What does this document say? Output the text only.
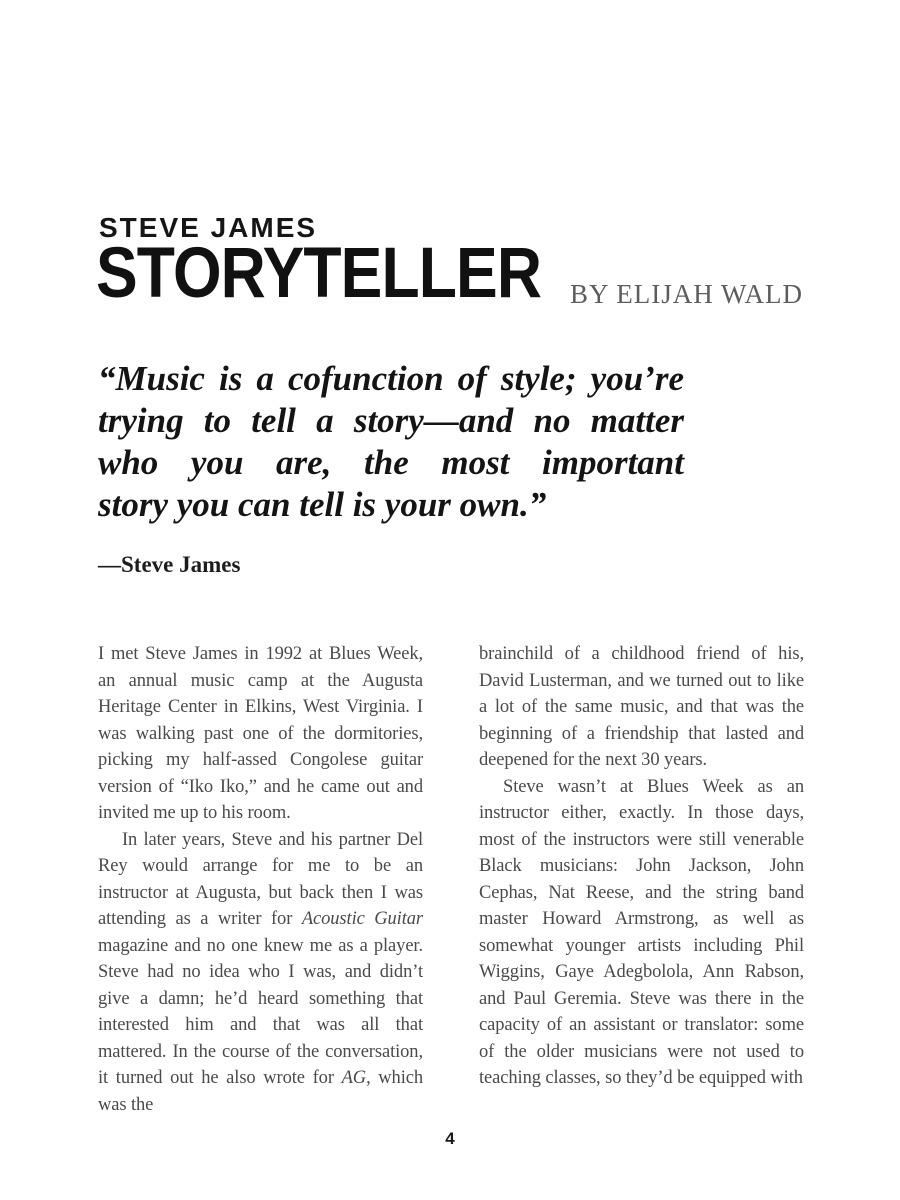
STEVE JAMES
STORYTELLER BY ELIJAH WALD
“Music is a cofunction of style; you’re
trying to tell a story—and no matter
who you are, the most important
story you can tell is your own.”
—Steve James

I met Steve James in 1992 at Blues Week, an annual music camp at the Augusta Heritage Center in Elkins, West Virginia. I was walking past one of the dormitories, picking my half-assed Congolese guitar version of “Iko Iko,” and he came out and invited me up to his room.

In later years, Steve and his partner Del Rey would arrange for me to be an instructor at Augusta, but back then I was attending as a writer for Acoustic Guitar magazine and no one knew me as a player. Steve had no idea who I was, and didn’t give a damn; he’d heard something that interested him and that was all that mattered. In the course of the conversation, it turned out he also wrote for AG, which was the

brainchild of a childhood friend of his, David Lusterman, and we turned out to like a lot of the same music, and that was the beginning of a friendship that lasted and deepened for the next 30 years.

Steve wasn’t at Blues Week as an instructor either, exactly. In those days, most of the instructors were still venerable Black musicians: John Jackson, John Cephas, Nat Reese, and the string band master Howard Armstrong, as well as somewhat younger artists including Phil Wiggins, Gaye Adegbolola, Ann Rabson, and Paul Geremia. Steve was there in the capacity of an assistant or translator: some of the older musicians were not used to teaching classes, so they’d be equipped with

4
